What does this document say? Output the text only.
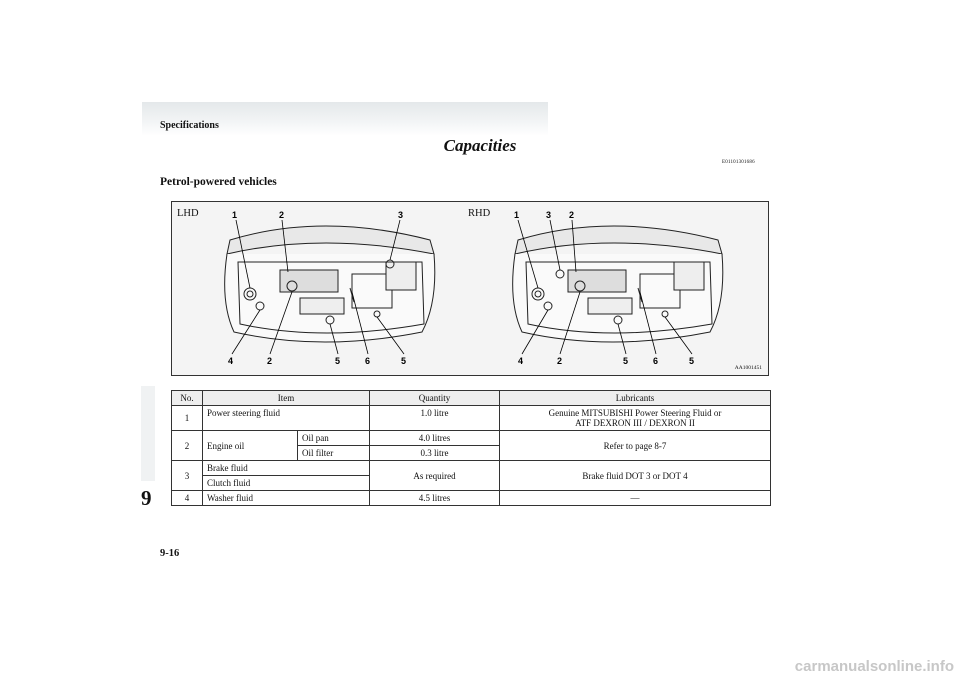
Specifications
Capacities
E01101301686
Petrol-powered vehicles
LHD	RHD
1	2	3
4	2	5	6	5
1	3 2
4	2	5	6	5
AA1001451
No.	Item		Quantity	Lubricants
1	Power steering fluid		1.0 litre	Genuine MITSUBISHI Power Steering Fluid or
ATF DEXRON III / DEXRON II

2	Engine oil	Oil pan	4.0 litres	Refer to page 8-7
		Oil filter	0.3 litre	
3	Brake fluid		As required	Brake fluid DOT 3 or DOT 4
	Clutch fluid			
4	Washer fluid		4.5 litres	—
9
9-16
carmanualsonline.info
